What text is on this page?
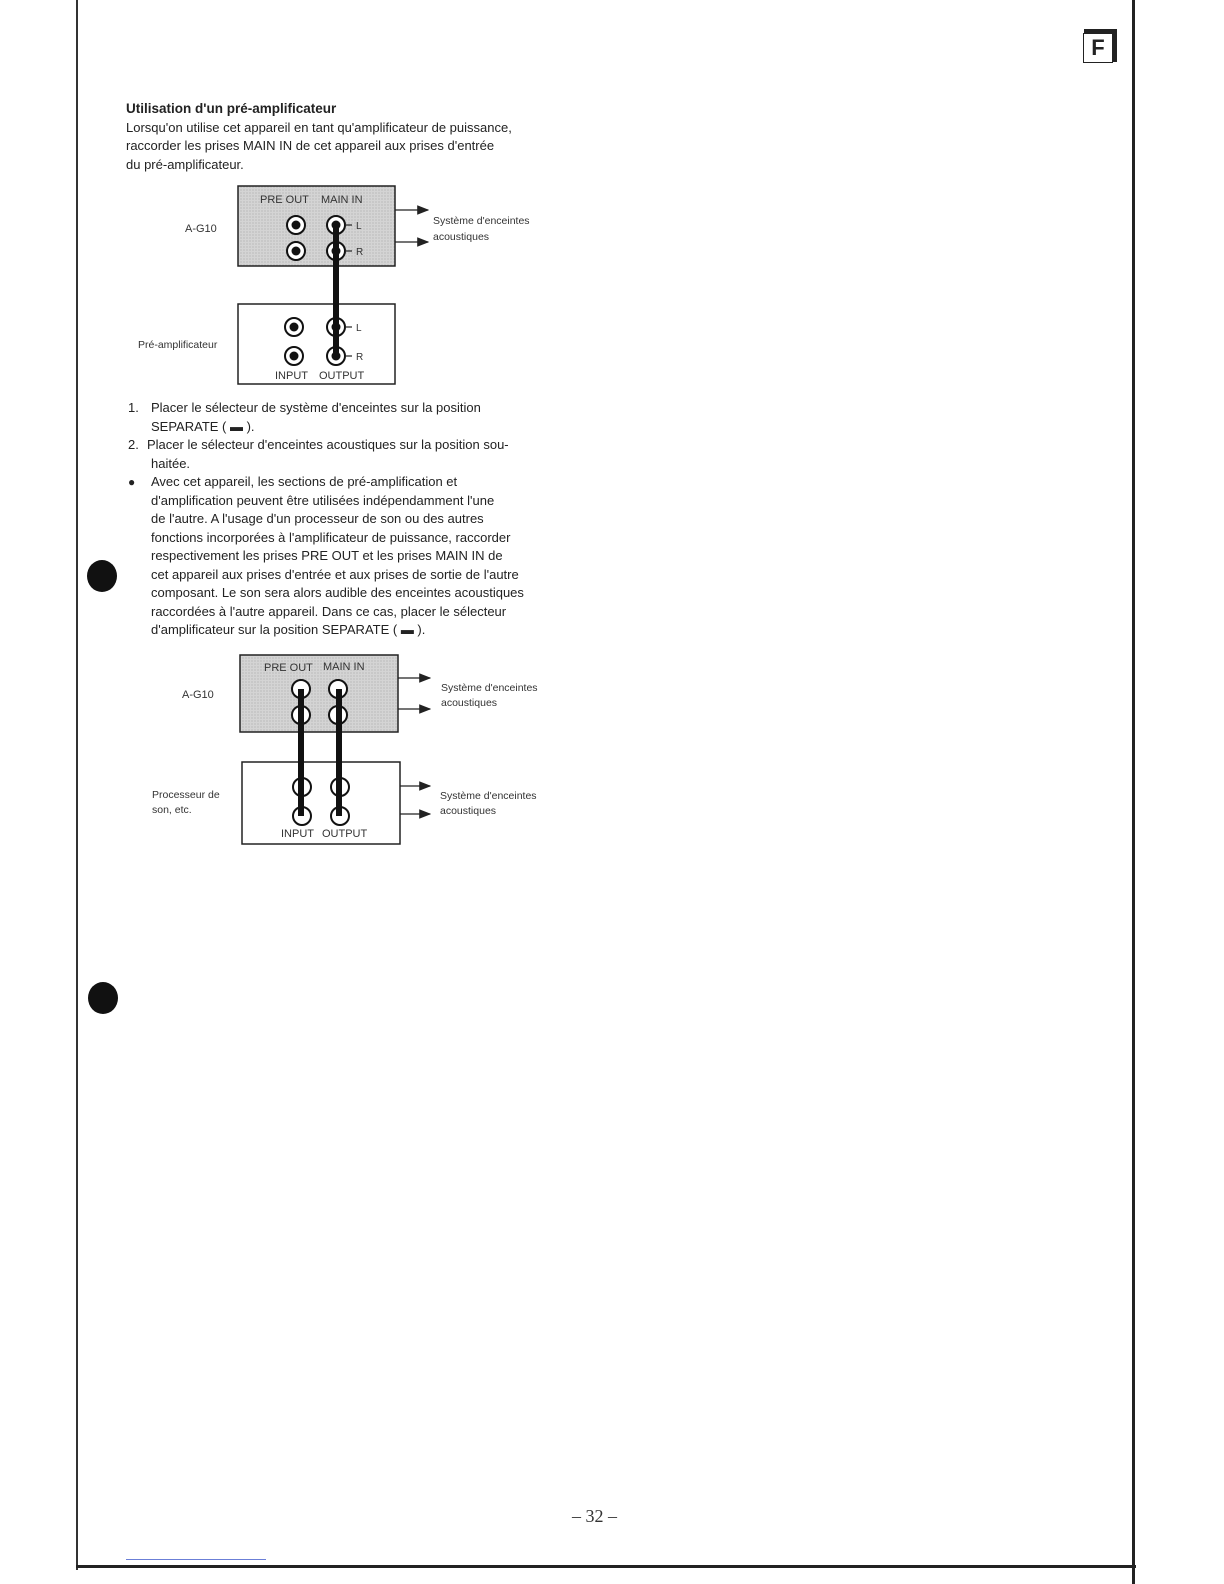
F
Utilisation d'un pré-amplificateur
Lorsqu'on utilise cet appareil en tant qu'amplificateur de puissance,
raccorder les prises MAIN IN de cet appareil aux prises d'entrée
du pré-amplificateur.
PRE OUT MAIN IN
L
R
A-G10
Système d'enceintes
acoustiques
L
R
INPUT OUTPUT
Pré-amplificateur
1. Placer le sélecteur de système d'enceintes sur la position
SEPARATE ( ▬ ).
2. Placer le sélecteur d'enceintes acoustiques sur la position sou-
haitée.
●	Avec cet appareil, les sections de pré-amplification et
d'amplification peuvent être utilisées indépendamment l'une
de l'autre. A l'usage d'un processeur de son ou des autres
fonctions incorporées à l'amplificateur de puissance, raccorder
respectivement les prises PRE OUT et les prises MAIN IN de
cet appareil aux prises d'entrée et aux prises de sortie de l'autre
composant. Le son sera alors audible des enceintes acoustiques
raccordées à l'autre appareil. Dans ce cas, placer le sélecteur
d'amplificateur sur la position SEPARATE ( ▬ ).
PRE OUT MAIN IN
A-G10
Système d'enceintes
acoustiques
INPUT OUTPUT
Processeur de
son, etc.
Système d'enceintes
acoustiques
– 32 –
